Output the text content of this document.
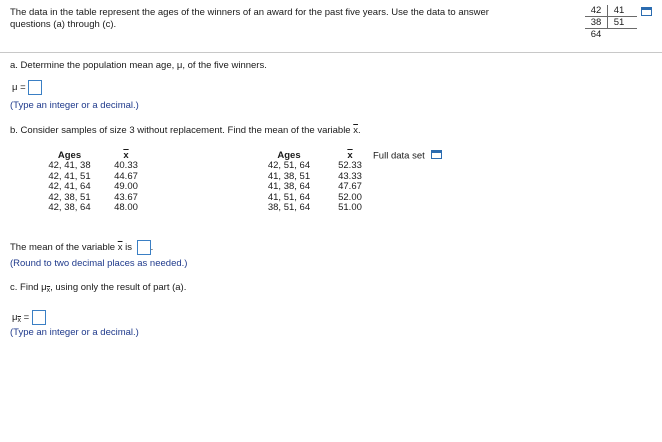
The data in the table represent the ages of the winners of an award for the past five years. Use the data to answer
questions (a) through (c).
42	41
38	51
64
a. Determine the population mean age, μ, of the five winners.
μ =
(Type an integer or a decimal.)
b. Consider samples of size 3 without replacement. Find the mean of the variable $\overline{x}$.
Ages
42, 41, 38
42, 41, 51
42, 41, 64
42, 38, 51
42, 38, 64
$\overline{x}$
40.33
44.67
49.00
43.67
48.00
Ages
42, 51, 64
41, 38, 51
41, 38, 64
41, 51, 64
38, 51, 64
$\overline{x}$
52.33
43.33
47.67
52.00
51.00
Full data set
The mean of the variable $\overline{x}$ is .
(Round to two decimal places as needed.)
c. Find $\mu_{\overline{x}}$, using only the result of part (a).
$\mu_{\overline{x}}$ =
(Type an integer or a decimal.)
